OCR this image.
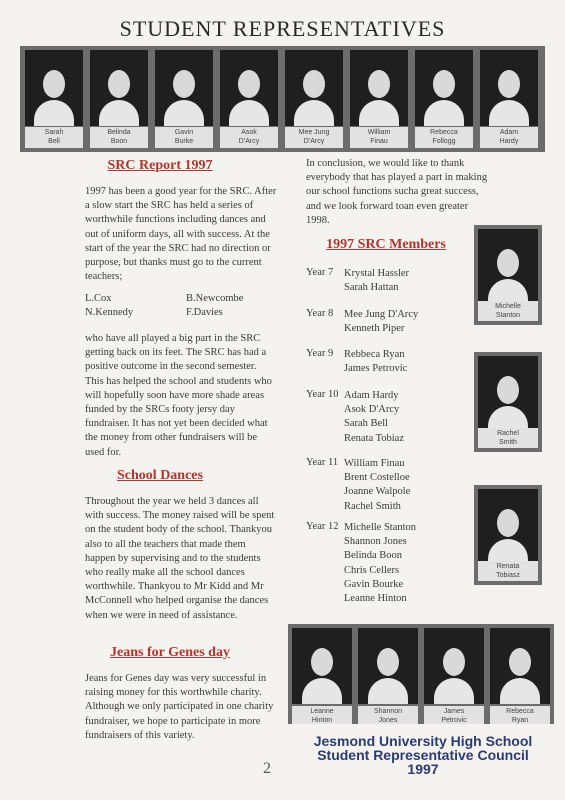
STUDENT REPRESENTATIVES
Sarah
Bell
Belinda
Boon
Gavin
Burke
Asok
D'Arcy
Mee Jung
D'Arcy
William
Finau
Rebecca
Follogg
Adam
Hardy
SRC Report 1997

1997 has been a good year for the SRC. After a slow start the SRC has held a series of worthwhile functions including dances and out of uniform days, all with success. At the start of the year the SRC had no direction or purpose, but thanks must go to the current teachers;

L.Cox	B.Newcombe
N.Kennedy	F.Davies

who have all played a big part in the SRC getting back on its feet. The SRC has had a positive outcome in the second semester. This has helped the school and students who will hopefully soon have more shade areas funded by the SRCs footy jersy day fundraiser. It has not yet been decided what the money from other fundraisers will be used for.

School Dances

Throughout the year we held 3 dances all with success. The money raised will be spent on the student body of the school. Thankyou also to all the teachers that made them happen by supervising and to the students who really make all the school dances worthwhile. Thankyou to Mr Kidd and Mr McConnell who helped organise the dances when we were in need of assistance.

Jeans for Genes day

Jeans for Genes day was very successful in raising money for this worthwhile charity. Although we only participated in one charity fundraiser, we hope to participate in more fundraisers of this variety.

2

In conclusion, we would like to thank everybody that has played a part in making our school functions sucha great success, and we look forward toan even greater 1998.

1997 SRC Members
Year 7 Krystal Hassler
Sarah Hattan
Year 8 Mee Jung D'Arcy
Kenneth Piper
Year 9 Rebbeca Ryan
James Petrovic
Year 10 Adam Hardy
Asok D'Arcy
Sarah Bell
Renata Tobiaz
Year 11 William Finau
Brent Costelloe
Joanne Walpole
Rachel Smith
Year 12 Michelle Stanton
Shannon Jones
Belinda Boon
Chris Cellers
Gavin Bourke
Leanne Hinton
Michelle
Stanton
Rachel
Smith
Renata
Tobiasz
Leanne
Hinton
Shannon
Jones
James
Petrovic
Rebecca
Ryan
Jesmond University High School
Student Representative Council
1997
